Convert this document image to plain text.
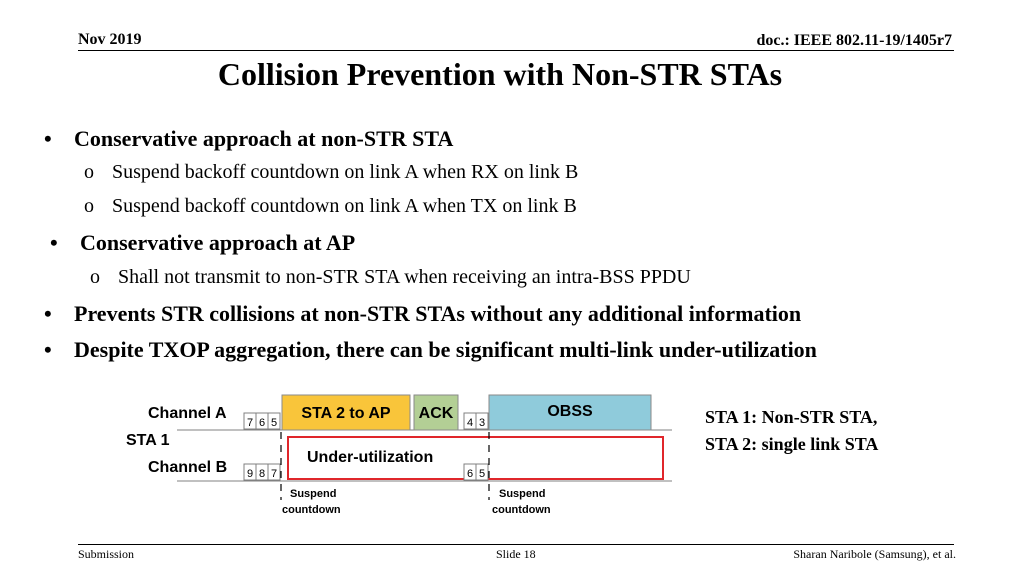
Nov 2019	doc.: IEEE 802.11-19/1405r7
Collision Prevention with Non-STR STAs
• Conservative approach at non-STR STA
o Suspend backoff countdown on link A when RX on link B
o Suspend backoff countdown on link A when TX on link B
• Conservative approach at AP
o Shall not transmit to non-STR STA when receiving an intra-BSS PPDU
• Prevents STR collisions at non-STR STAs without any additional information
• Despite TXOP aggregation, there can be significant multi-link under-utilization
Channel A
7 6 5
STA 2 to AP ACK
4 3
OBSS
STA 1
Under-utilization
Channel B 9 8 7	6 5
Suspend
countdown
Suspend
countdown
STA 1: Non-STR STA,
STA 2: single link STA
Submission	Slide 18	Sharan Naribole (Samsung), et al.
